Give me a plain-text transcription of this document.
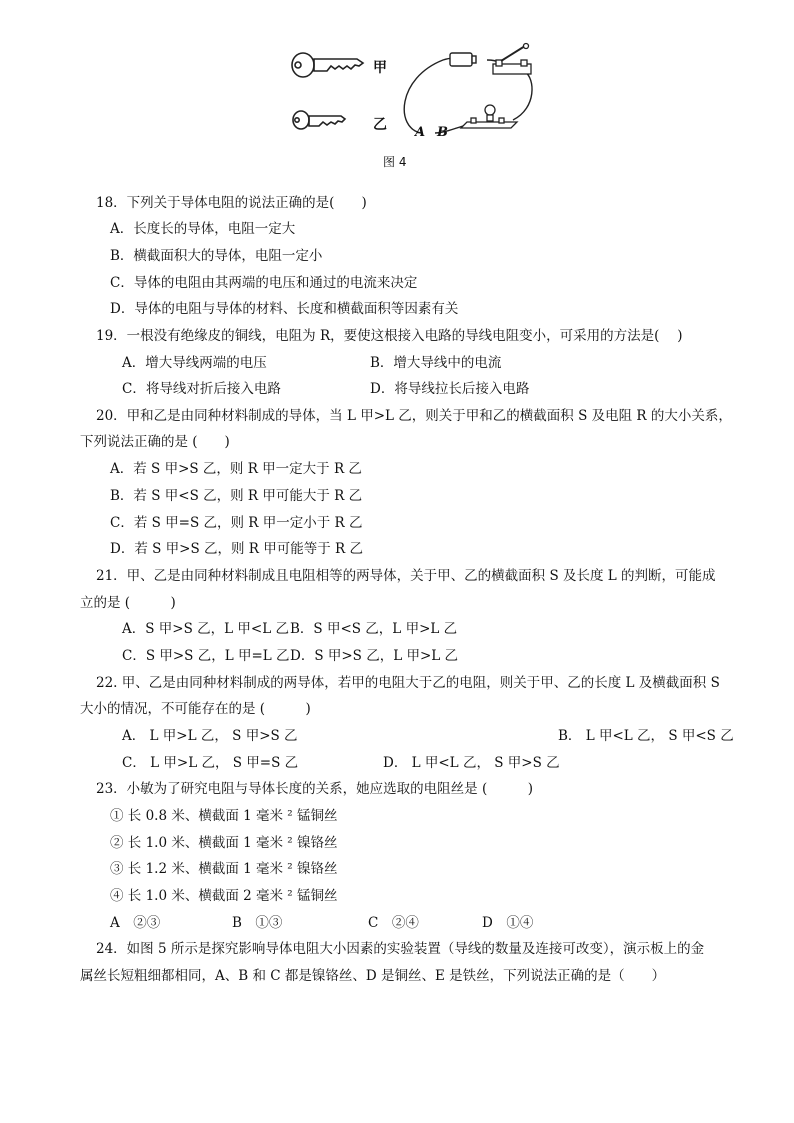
甲
乙 A B
图 4
18．下列关于导体电阻的说法正确的是(　　)
A．长度长的导体，电阻一定大
B．横截面积大的导体，电阻一定小
C．导体的电阻由其两端的电压和通过的电流来决定
D．导体的电阻与导体的材料、长度和横截面积等因素有关
19．一根没有绝缘皮的铜线，电阻为 R，要使这根接入电路的导线电阻变小，可采用的方法是(　 )
A．增大导线两端的电压	B．增大导线中的电流
C．将导线对折后接入电路	D．将导线拉长后接入电路
20．甲和乙是由同种材料制成的导体，当 L 甲>L 乙，则关于甲和乙的横截面积 S 及电阻 R 的大小关系，
下列说法正确的是 (　　)
A．若 S 甲>S 乙，则 R 甲一定大于 R 乙
B．若 S 甲<S 乙，则 R 甲可能大于 R 乙
C．若 S 甲=S 乙，则 R 甲一定小于 R 乙
D．若 S 甲>S 乙，则 R 甲可能等于 R 乙
21．甲、乙是由同种材料制成且电阻相等的两导体，关于甲、乙的横截面积 S 及长度 L 的判断，可能成
立的是 (　　　)
A．S 甲>S 乙，L 甲<L 乙 B．S 甲<S 乙，L 甲>L 乙
C．S 甲>S 乙，L 甲=L 乙 D．S 甲>S 乙，L 甲>L 乙
22. 甲、乙是由同种材料制成的两导体，若甲的电阻大于乙的电阻，则关于甲、乙的长度 L 及横截面积 S
大小的情况，不可能存在的是 (　　　)
A． L 甲>L 乙， S 甲>S 乙	B． L 甲<L 乙， S 甲<S 乙
C． L 甲>L 乙， S 甲=S 乙	D． L 甲<L 乙， S 甲>S 乙
23．小敏为了研究电阻与导体长度的关系，她应选取的电阻丝是 (　　　)
① 长 0.8 米、横截面 1 毫米 ² 锰铜丝
② 长 1.0 米、横截面 1 毫米 ² 镍铬丝
③ 长 1.2 米、横截面 1 毫米 ² 镍铬丝
④ 长 1.0 米、横截面 2 毫米 ² 锰铜丝
A　②③	B　①③	C　②④	D　①④
24．如图 5 所示是探究影响导体电阻大小因素的实验装置（导线的数量及连接可改变），演示板上的金
属丝长短粗细都相同，A、B 和 C 都是镍铬丝、D 是铜丝、E 是铁丝，下列说法正确的是（　　）
